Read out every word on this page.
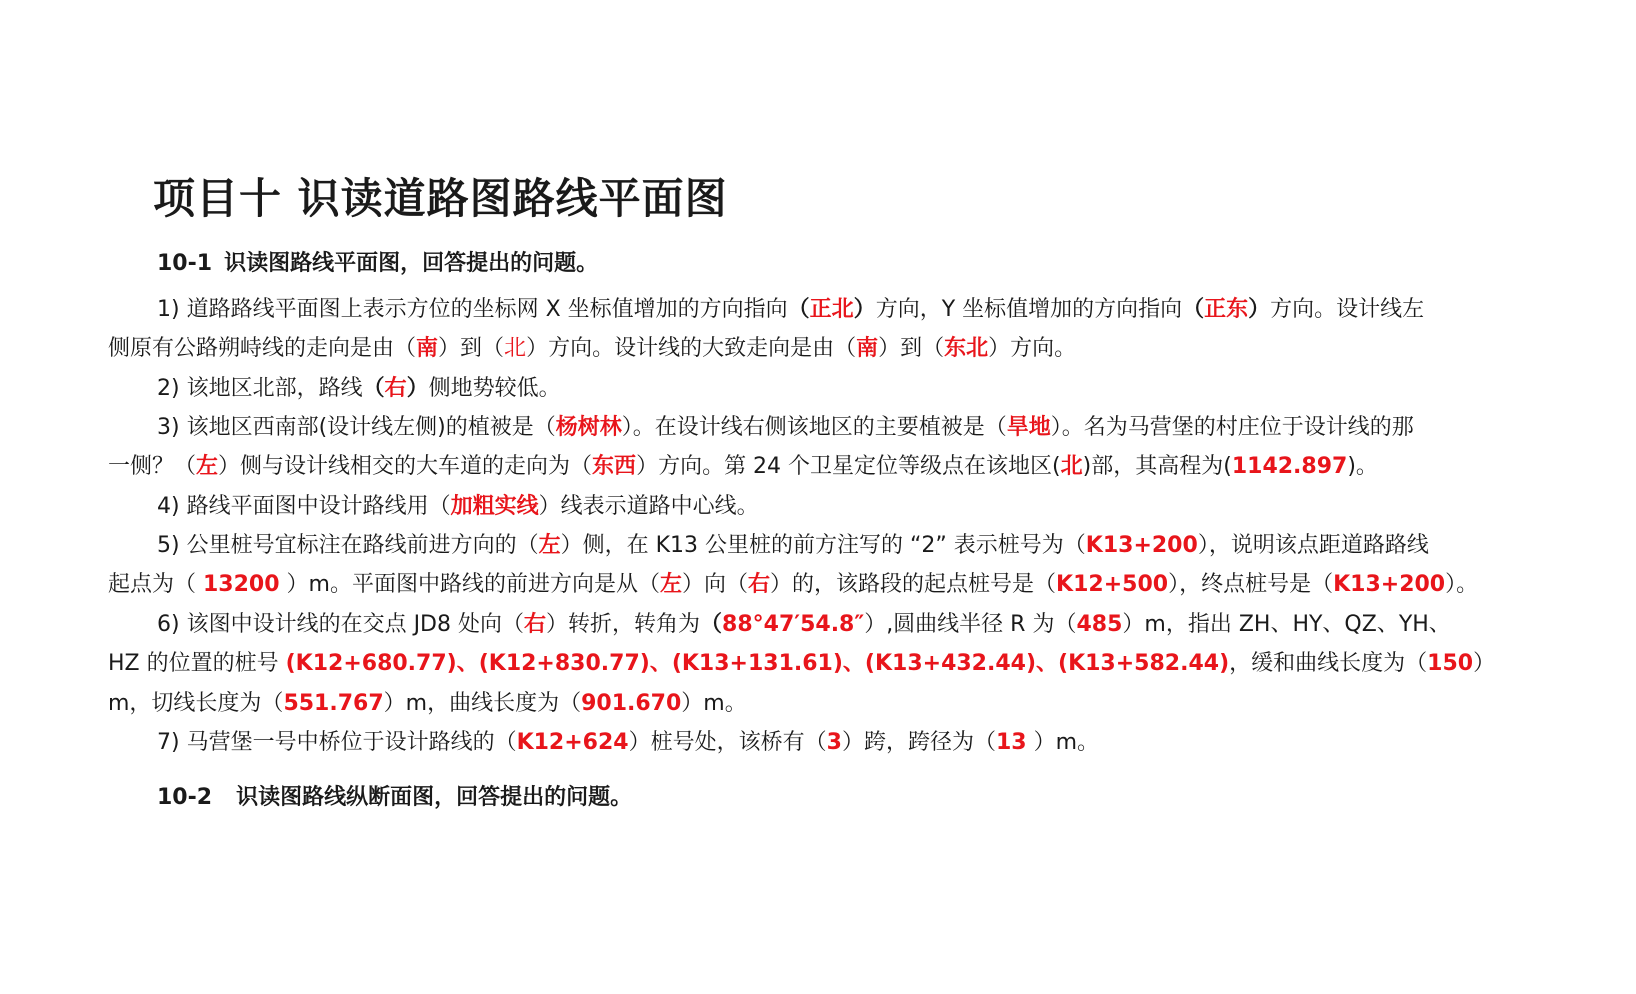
项目十 识读道路图路线平面图
10-1 识读图路线平面图，回答提出的问题。
1) 道路路线平面图上表示方位的坐标网 X 坐标值增加的方向指向（正北）方向，Y 坐标值增加的方向指向（正东）方向。设计线左
侧原有公路朔峙线的走向是由（南）到（北）方向。设计线的大致走向是由（南）到（东北）方向。
2) 该地区北部，路线（右）侧地势较低。
3) 该地区西南部(设计线左侧)的植被是（杨树林）。在设计线右侧该地区的主要植被是（旱地）。名为马营堡的村庄位于设计线的那
一侧？（左）侧与设计线相交的大车道的走向为（东西）方向。第 24 个卫星定位等级点在该地区(北)部，其高程为(1142.897)。
4) 路线平面图中设计路线用（加粗实线）线表示道路中心线。
5) 公里桩号宜标注在路线前进方向的（左）侧，在 K13 公里桩的前方注写的 “2” 表示桩号为（K13+200），说明该点距道路路线
起点为（ 13200 ）m。平面图中路线的前进方向是从（左）向（右）的，该路段的起点桩号是（K12+500），终点桩号是（K13+200）。
6) 该图中设计线的在交点 JD8 处向（右）转折，转角为（88°47′54.8″）,圆曲线半径 R 为（485）m，指出 ZH、HY、QZ、YH、
HZ 的位置的桩号 (K12+680.77)、(K12+830.77)、(K13+131.61)、(K13+432.44)、(K13+582.44)，缓和曲线长度为（150）
m，切线长度为（551.767）m，曲线长度为（901.670）m。
7) 马营堡一号中桥位于设计路线的（K12+624）桩号处，该桥有（3）跨，跨径为（13 ）m。
10-2 识读图路线纵断面图，回答提出的问题。
